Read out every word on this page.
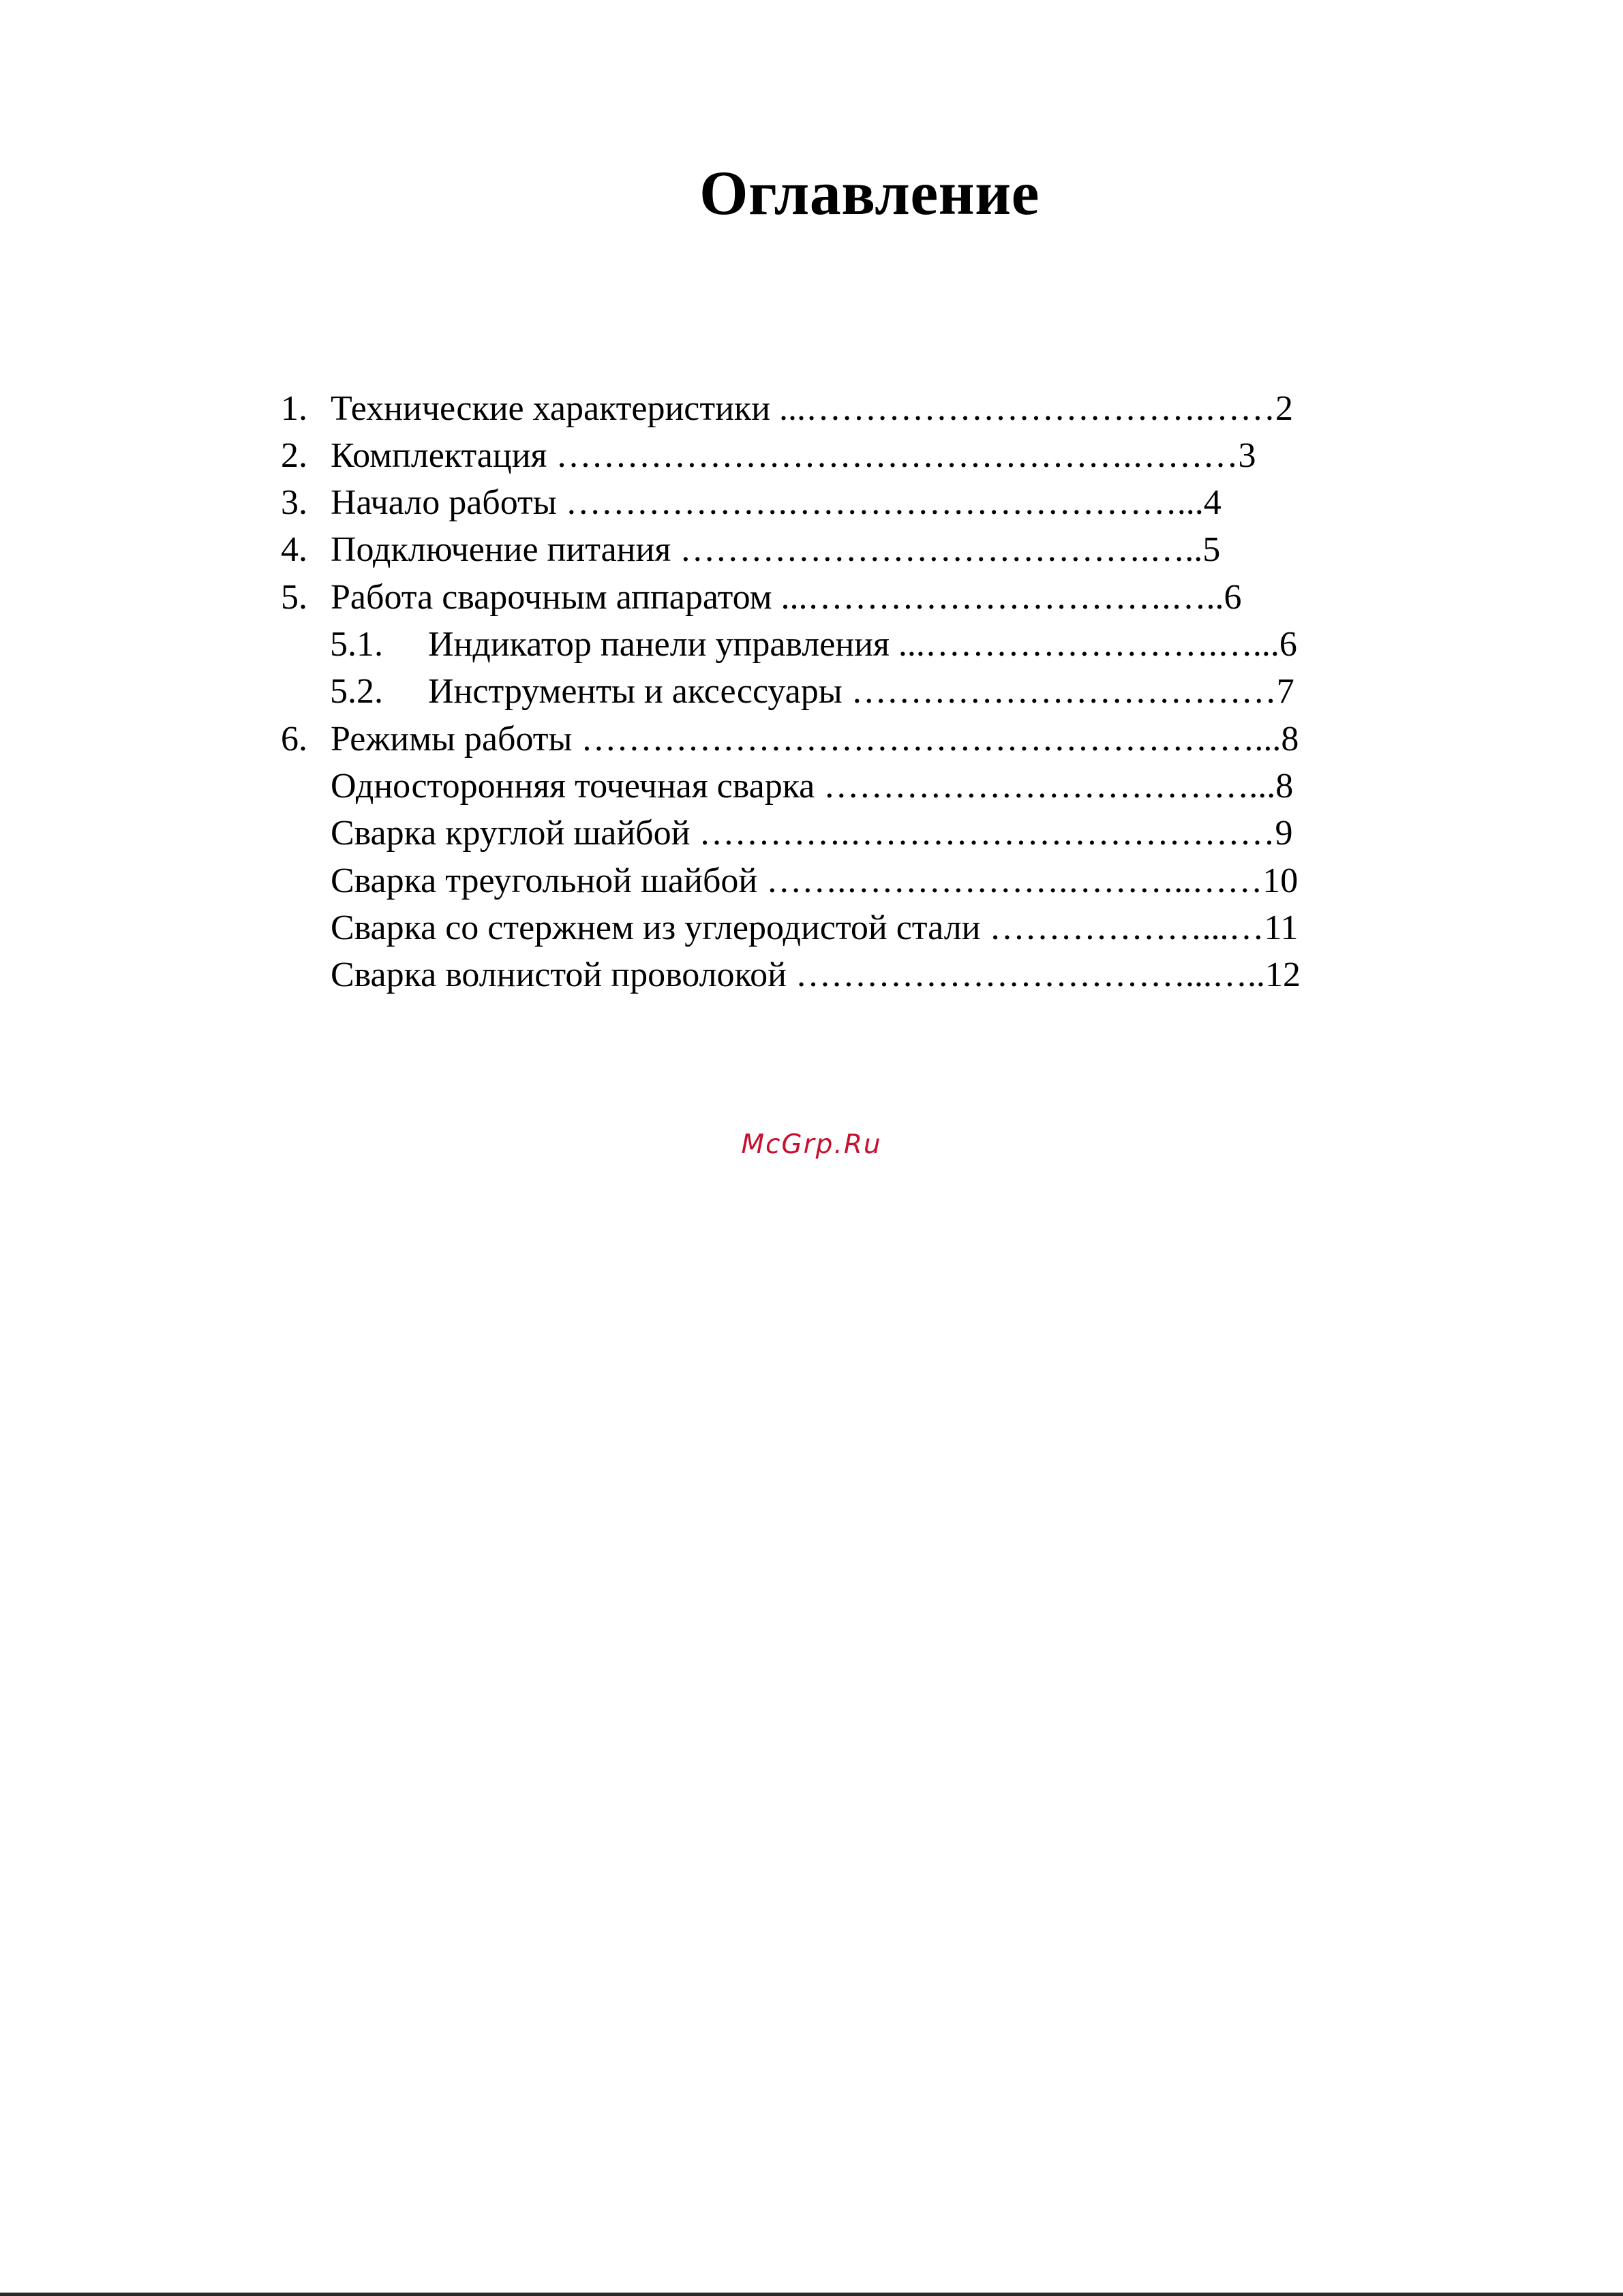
Оглавление
1. Технические характеристики ...…………………………….……2
2. Комплектация ………………………………………….………3
3. Начало работы ……………….……………………………...4
4. Подключение питания ………………………………….…..5
5. Работа сварочным аппаратом ...………………………….…..6
5.1. Индикатор панели управления ...…………………….…...6
5.2. Инструменты и аксессуары ………………………………7
6. Режимы работы …………………………………………………...8
Односторонняя точечная сварка ………………………………...8
Сварка круглой шайбой ………….………………………………9
Сварка треугольной шайбой …….……………….………..……10
Сварка со стержнем из углеродистой стали ………………...…11
Сварка волнистой проволокой ……………………………...…..12
McGrp.Ru
